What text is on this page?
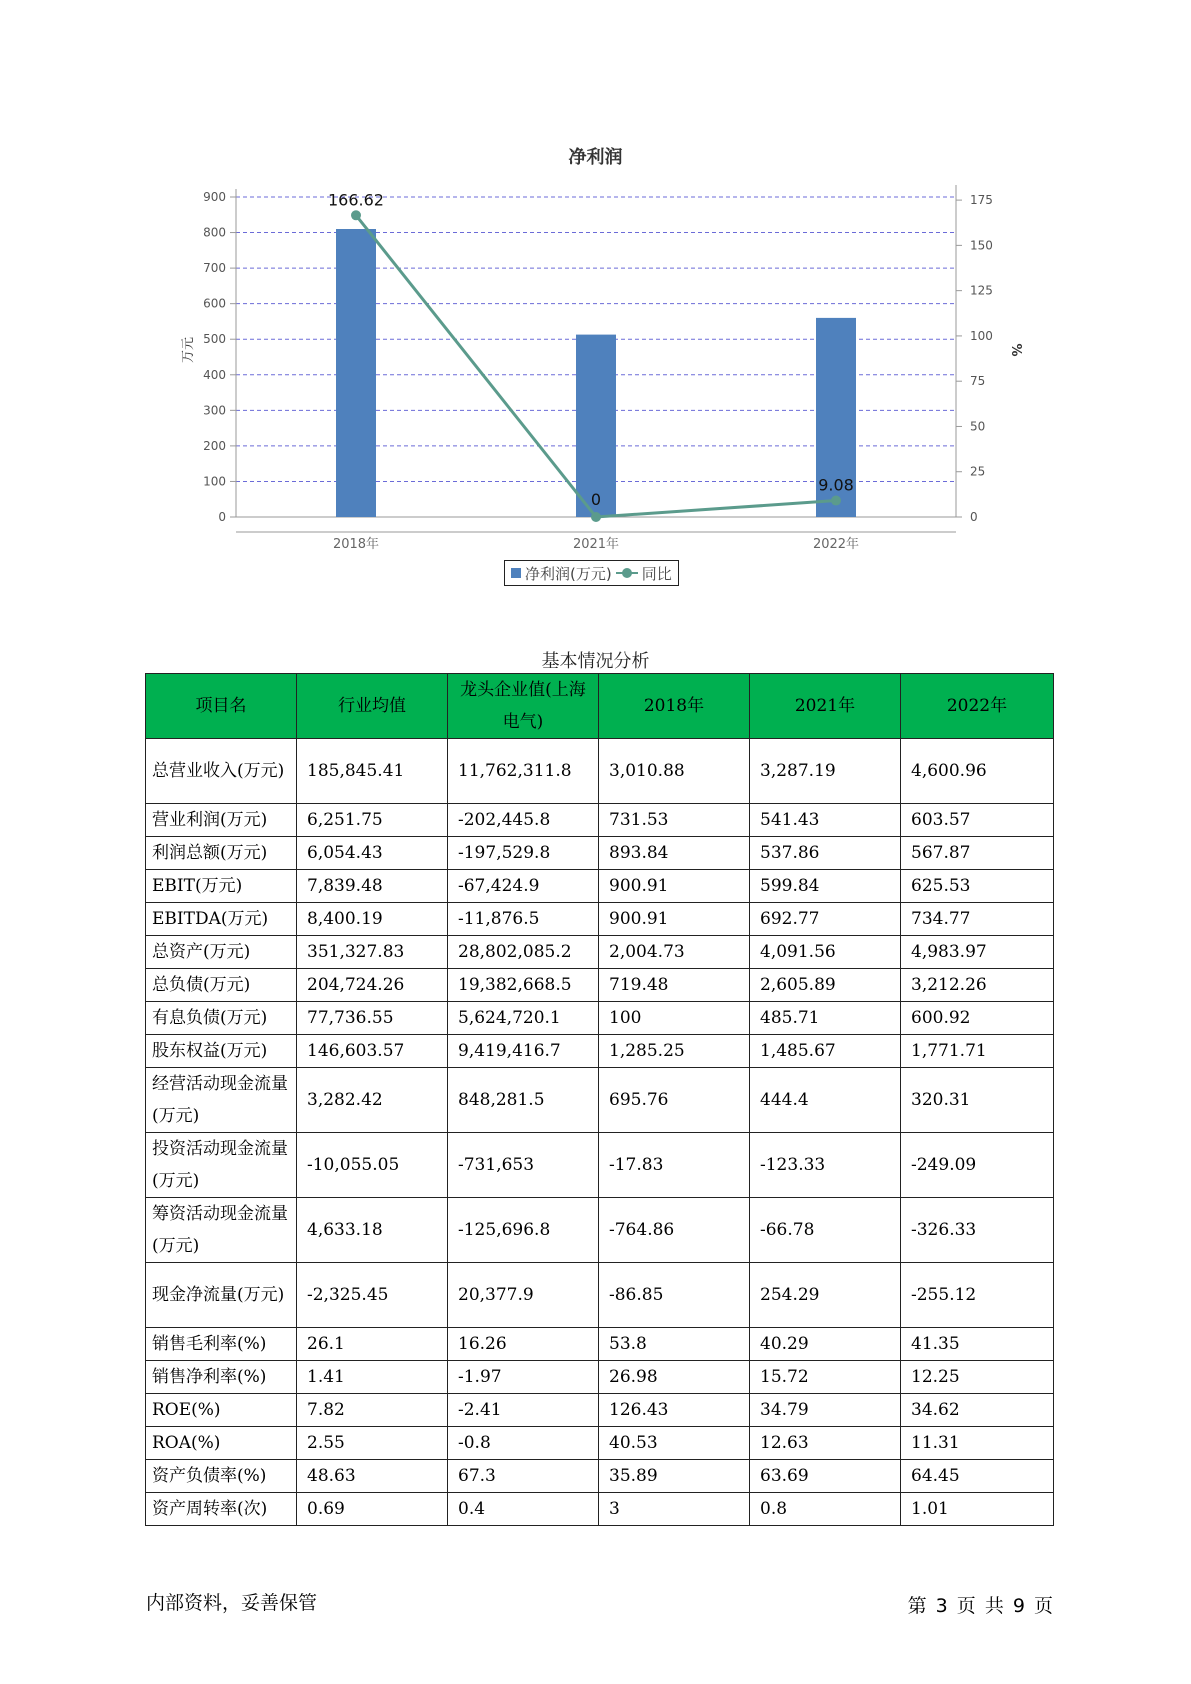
净利润
0
100
200
300
400
500
600
700
800
900
0
25
50
75
100
125
150
175
万元	%
2018年	2021年	2022年
166.62
0
9.08
净利润(万元) 同比
基本情况分析
项目名	行业均值	龙头企业值(上海电气)	2018年	2021年	2022年
总营业收入(万元)	185,845.41	11,762,311.8	3,010.88	3,287.19	4,600.96
营业利润(万元)	6,251.75	-202,445.8	731.53	541.43	603.57
利润总额(万元)	6,054.43	-197,529.8	893.84	537.86	567.87
EBIT(万元)	7,839.48	-67,424.9	900.91	599.84	625.53
EBITDA(万元)	8,400.19	-11,876.5	900.91	692.77	734.77
总资产(万元)	351,327.83	28,802,085.2	2,004.73	4,091.56	4,983.97
总负债(万元)	204,724.26	19,382,668.5	719.48	2,605.89	3,212.26
有息负债(万元)	77,736.55	5,624,720.1	100	485.71	600.92
股东权益(万元)	146,603.57	9,419,416.7	1,285.25	1,485.67	1,771.71
经营活动现金流量(万元)	3,282.42	848,281.5	695.76	444.4	320.31
投资活动现金流量(万元)	-10,055.05	-731,653	-17.83	-123.33	-249.09
筹资活动现金流量(万元)	4,633.18	-125,696.8	-764.86	-66.78	-326.33
现金净流量(万元)	-2,325.45	20,377.9	-86.85	254.29	-255.12
销售毛利率(%)	26.1	16.26	53.8	40.29	41.35
销售净利率(%)	1.41	-1.97	26.98	15.72	12.25
ROE(%)	7.82	-2.41	126.43	34.79	34.62
ROA(%)	2.55	-0.8	40.53	12.63	11.31
资产负债率(%)	48.63	67.3	35.89	63.69	64.45
资产周转率(次)	0.69	0.4	3	0.8	1.01
内部资料，妥善保管	第 3 页 共 9 页
